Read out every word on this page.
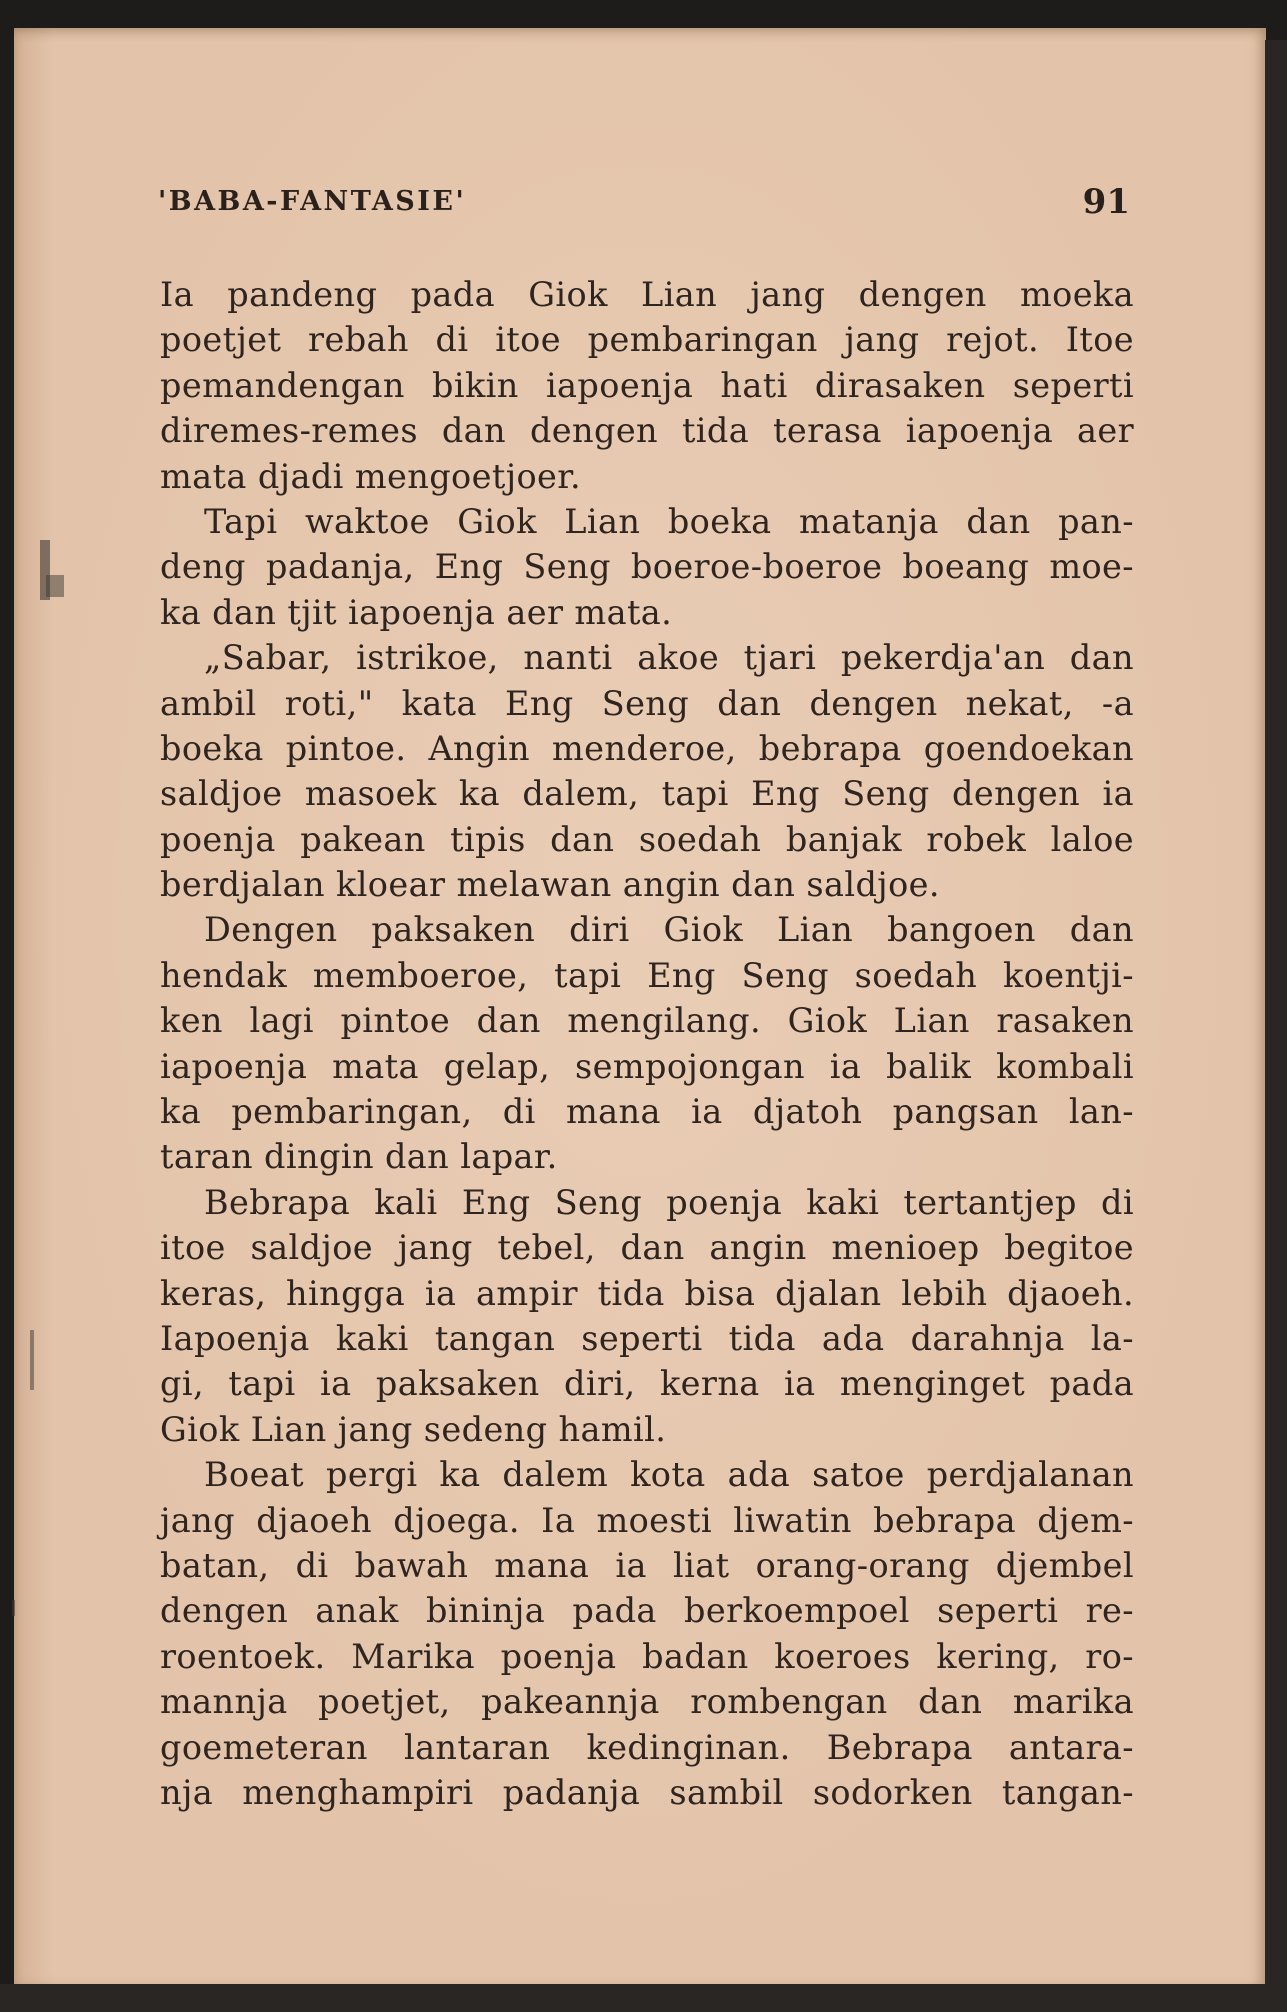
'BABA-FANTASIE'	91
Ia pandeng pada Giok Lian jang dengen moeka
poetjet rebah di itoe pembaringan jang rejot. Itoe
pemandengan bikin iapoenja hati dirasaken seperti
diremes-remes dan dengen tida terasa iapoenja aer
mata djadi mengoetjoer.
Tapi waktoe Giok Lian boeka matanja dan pan-
deng padanja, Eng Seng boeroe-boeroe boeang moe-
ka dan tjit iapoenja aer mata.
„Sabar, istrikoe, nanti akoe tjari pekerdja'an dan
ambil roti," kata Eng Seng dan dengen nekat, -a
boeka pintoe. Angin menderoe, bebrapa goendoekan
saldjoe masoek ka dalem, tapi Eng Seng dengen ia
poenja pakean tipis dan soedah banjak robek laloe
berdjalan kloear melawan angin dan saldjoe.
Dengen paksaken diri Giok Lian bangoen dan
hendak memboeroe, tapi Eng Seng soedah koentji-
ken lagi pintoe dan mengilang. Giok Lian rasaken
iapoenja mata gelap, sempojongan ia balik kombali
ka pembaringan, di mana ia djatoh pangsan lan-
taran dingin dan lapar.
Bebrapa kali Eng Seng poenja kaki tertantjep di
itoe saldjoe jang tebel, dan angin menioep begitoe
keras, hingga ia ampir tida bisa djalan lebih djaoeh.
Iapoenja kaki tangan seperti tida ada darahnja la-
gi, tapi ia paksaken diri, kerna ia menginget pada
Giok Lian jang sedeng hamil.
Boeat pergi ka dalem kota ada satoe perdjalanan
jang djaoeh djoega. Ia moesti liwatin bebrapa djem-
batan, di bawah mana ia liat orang-orang djembel
dengen anak bininja pada berkoempoel seperti re-
roentoek. Marika poenja badan koeroes kering, ro-
mannja poetjet, pakeannja rombengan dan marika
goemeteran lantaran kedinginan. Bebrapa antara-
nja menghampiri padanja sambil sodorken tangan-
